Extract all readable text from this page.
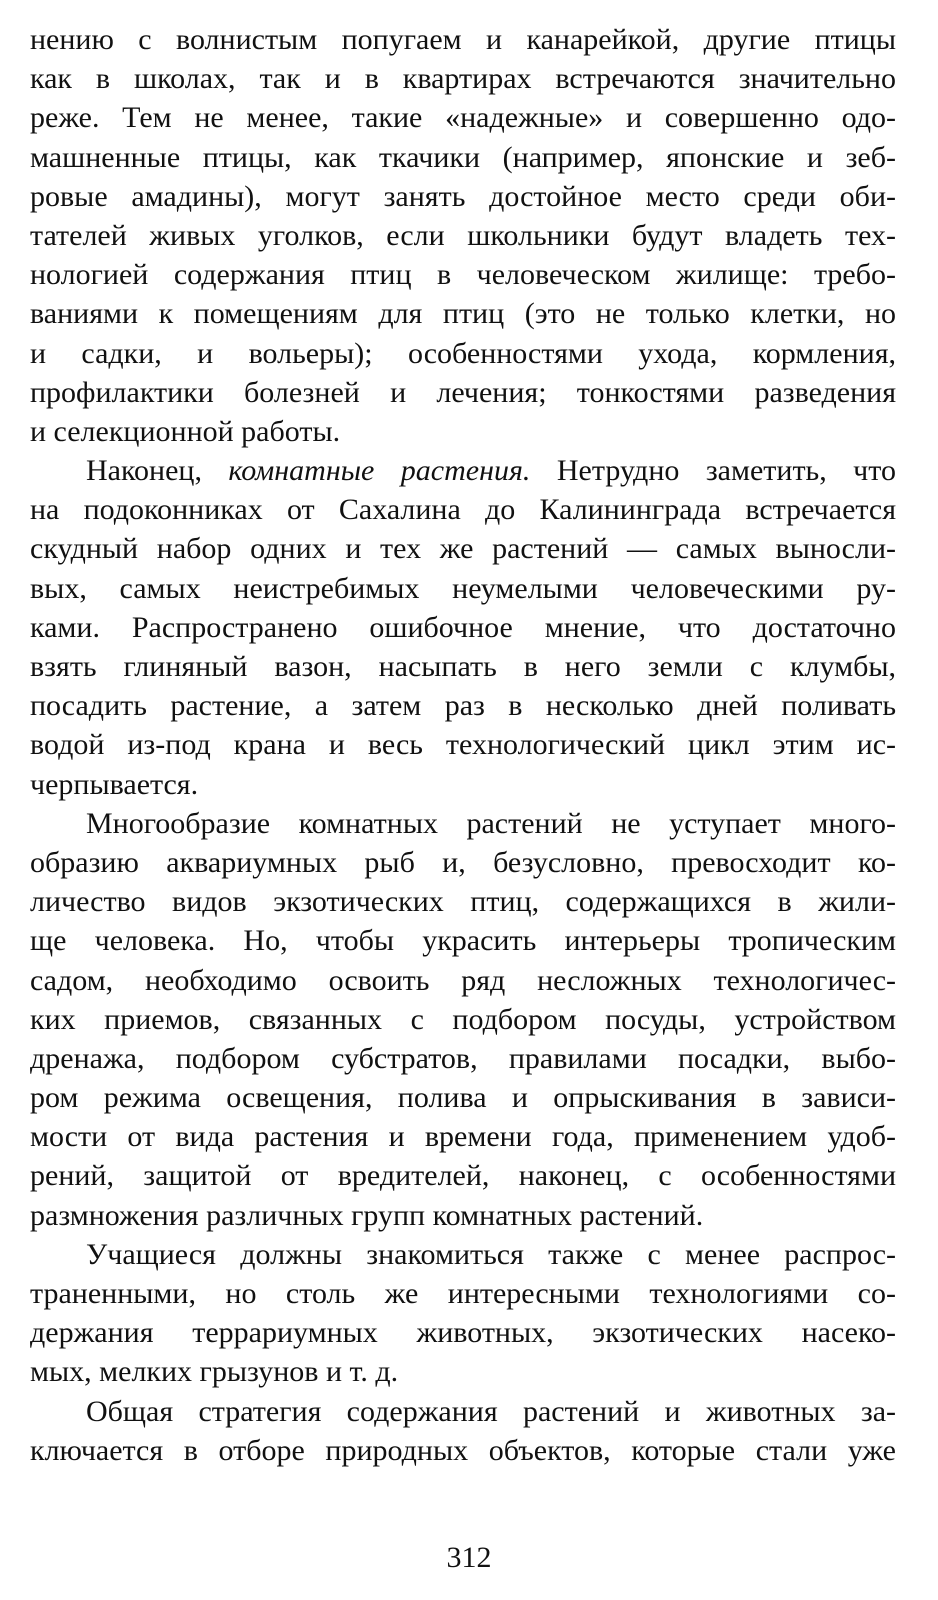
нению с волнистым попугаем и канарейкой, другие птицы
как в школах, так и в квартирах встречаются значительно
реже. Тем не менее, такие «надежные» и совершенно одо-
машненные птицы, как ткачики (например, японские и зеб-
ровые амадины), могут занять достойное место среди оби-
тателей живых уголков, если школьники будут владеть тех-
нологией содержания птиц в человеческом жилище: требо-
ваниями к помещениям для птиц (это не только клетки, но
и садки, и вольеры); особенностями ухода, кормления,
профилактики болезней и лечения; тонкостями разведения
и селекционной работы.
Наконец, комнатные растения. Нетрудно заметить, что
на подоконниках от Сахалина до Калининграда встречается
скудный набор одних и тех же растений — самых выносли-
вых, самых неистребимых неумелыми человеческими ру-
ками. Распространено ошибочное мнение, что достаточно
взять глиняный вазон, насыпать в него земли с клумбы,
посадить растение, а затем раз в несколько дней поливать
водой из-под крана и весь технологический цикл этим ис-
черпывается.
Многообразие комнатных растений не уступает много-
образию аквариумных рыб и, безусловно, превосходит ко-
личество видов экзотических птиц, содержащихся в жили-
ще человека. Но, чтобы украсить интерьеры тропическим
садом, необходимо освоить ряд несложных технологичес-
ких приемов, связанных с подбором посуды, устройством
дренажа, подбором субстратов, правилами посадки, выбо-
ром режима освещения, полива и опрыскивания в зависи-
мости от вида растения и времени года, применением удоб-
рений, защитой от вредителей, наконец, с особенностями
размножения различных групп комнатных растений.
Учащиеся должны знакомиться также с менее распрос-
траненными, но столь же интересными технологиями со-
держания террариумных животных, экзотических насеко-
мых, мелких грызунов и т. д.
Общая стратегия содержания растений и животных за-
ключается в отборе природных объектов, которые стали уже
312
